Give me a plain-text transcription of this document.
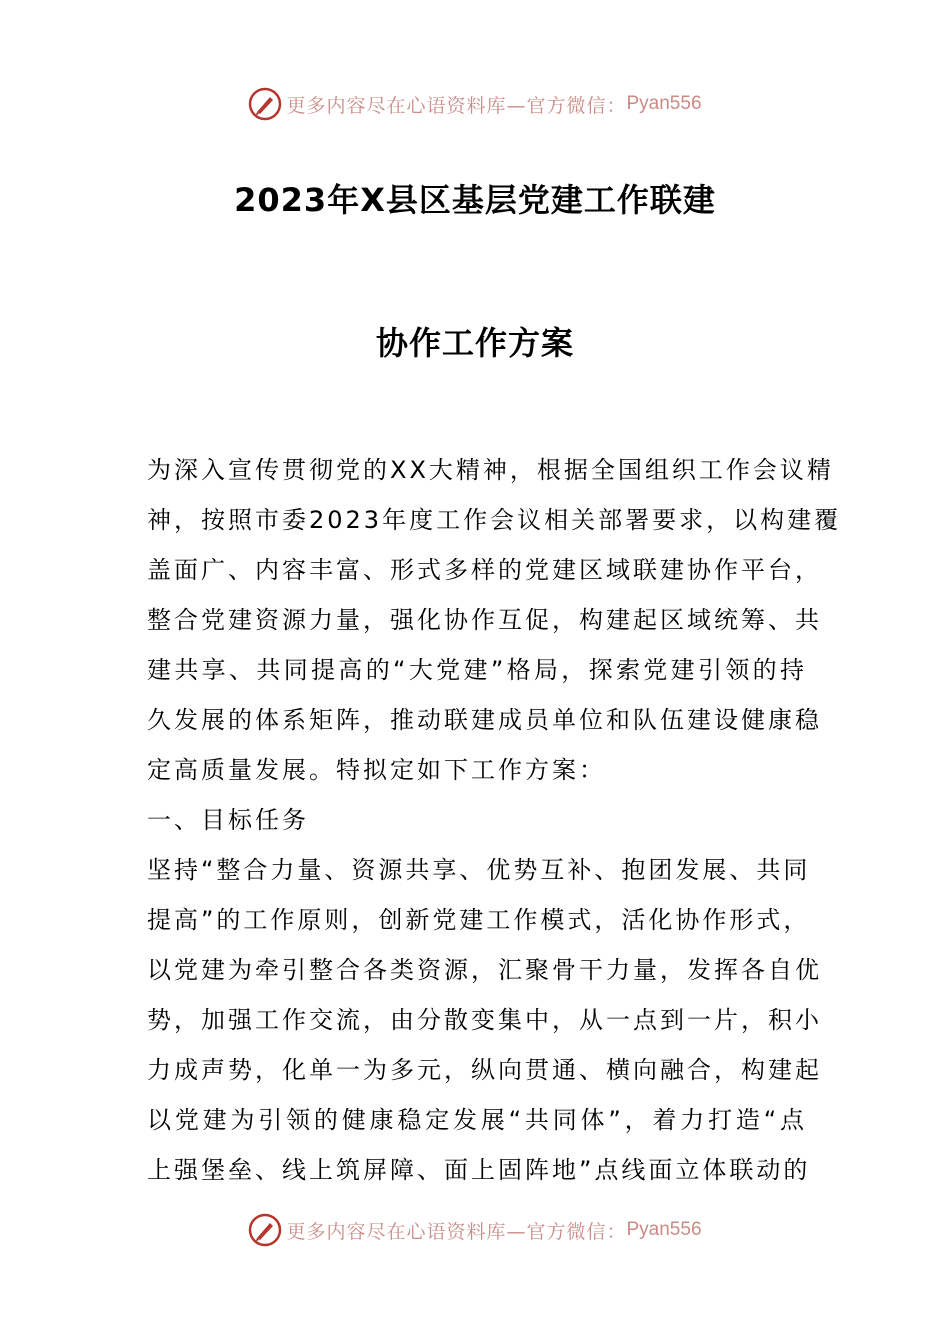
更多内容尽在心语资料库—官方微信： Pyan556
2023年X县区基层党建工作联建
协作工作方案
为深入宣传贯彻党的XX大精神，根据全国组织工作会议精
神，按照市委2023年度工作会议相关部署要求，以构建覆
盖面广、内容丰富、形式多样的党建区域联建协作平台，
整合党建资源力量，强化协作互促，构建起区域统筹、共
建共享、共同提高的“大党建”格局，探索党建引领的持
久发展的体系矩阵，推动联建成员单位和队伍建设健康稳
定高质量发展。特拟定如下工作方案：
一、目标任务
坚持“整合力量、资源共享、优势互补、抱团发展、共同
提高”的工作原则，创新党建工作模式，活化协作形式，
以党建为牵引整合各类资源，汇聚骨干力量，发挥各自优
势，加强工作交流，由分散变集中，从一点到一片，积小
力成声势，化单一为多元，纵向贯通、横向融合，构建起
以党建为引领的健康稳定发展“共同体”，着力打造“点
上强堡垒、线上筑屏障、面上固阵地”点线面立体联动的
更多内容尽在心语资料库—官方微信： Pyan556
